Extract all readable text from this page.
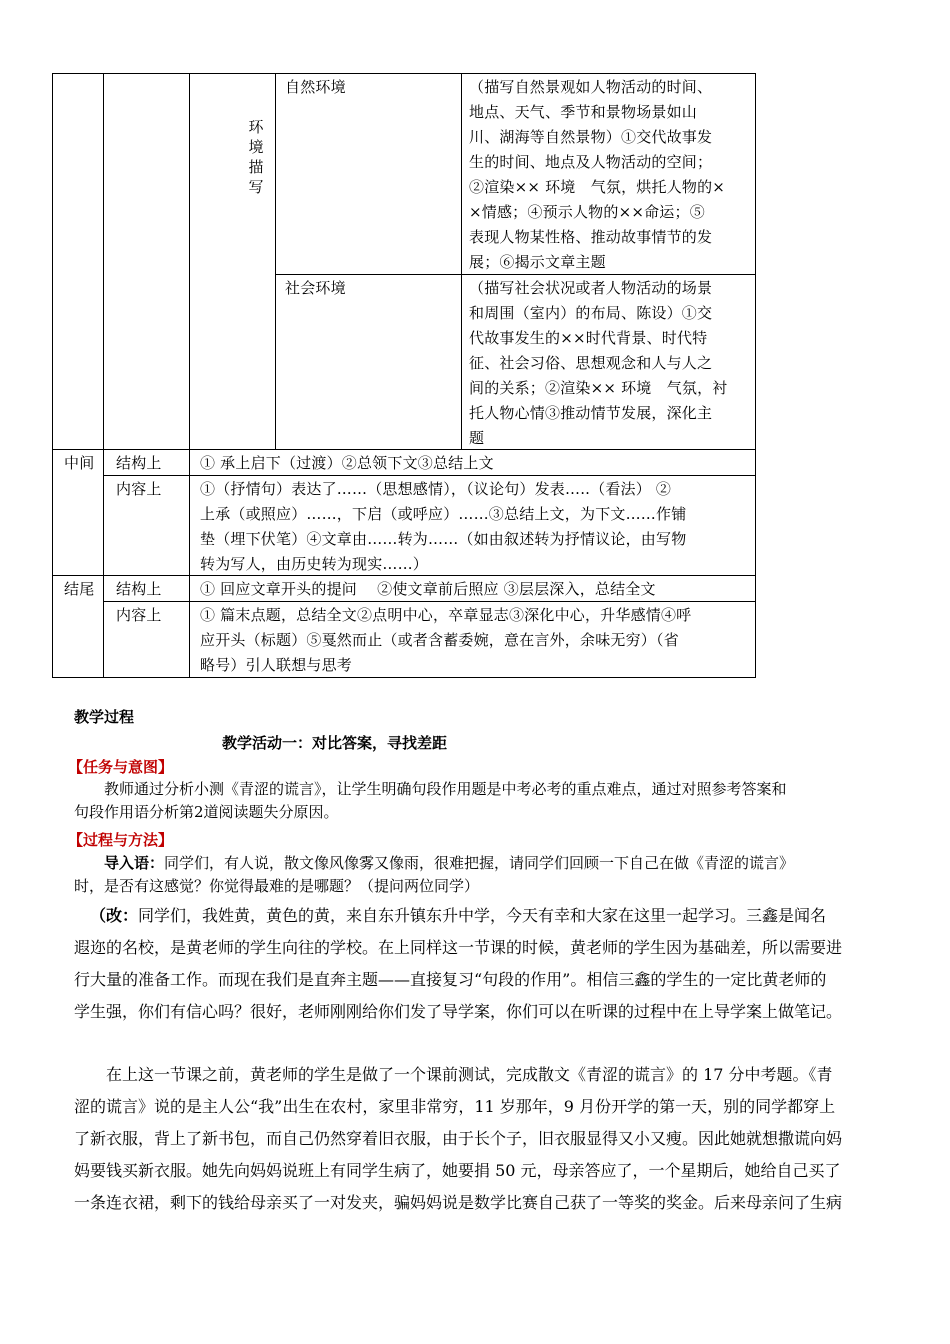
环
境
描
写
自然环境	（描写自然景观如人物活动的时间、
地点、天气、季节和景物场景如山
川、湖海等自然景物）①交代故事发
生的时间、地点及人物活动的空间；
②渲染×× 环境　气氛，烘托人物的×
×情感；④预示人物的××命运；⑤
表现人物某性格、推动故事情节的发
展；⑥揭示文章主题
社会环境	（描写社会状况或者人物活动的场景
和周围（室内）的布局、陈设）①交
代故事发生的××时代背景、时代特
征、社会习俗、思想观念和人与人之
间的关系；②渲染×× 环境　气氛，衬
托人物心情③推动情节发展，深化主
题
中间 结构上	① 承上启下（过渡）②总领下文③总结上文
内容上	①（抒情句）表达了……（思想感情），（议论句）发表…..（看法） ②
上承（或照应）……，下启（或呼应）……③总结上文，为下文……作铺
垫（埋下伏笔）④文章由……转为……（如由叙述转为抒情议论，由写物
转为写人，由历史转为现实……）
结尾 结构上	① 回应文章开头的提问　 ②使文章前后照应 ③层层深入，总结全文
内容上	① 篇末点题，总结全文②点明中心，卒章显志③深化中心，升华感情④呼
应开头（标题）⑤戛然而止（或者含蓄委婉，意在言外，余味无穷）（省
略号）引人联想与思考
教学过程
教学活动一：对比答案，寻找差距
【任务与意图】
教师通过分析小测《青涩的谎言》，让学生明确句段作用题是中考必考的重点难点，通过对照参考答案和
句段作用语分析第2道阅读题失分原因。
【过程与方法】
导入语：同学们，有人说，散文像风像雾又像雨，很难把握，请同学们回顾一下自己在做《青涩的谎言》
时，是否有这感觉？你觉得最难的是哪题？（提问两位同学）
（改：同学们，我姓黄，黄色的黄，来自东升镇东升中学，今天有幸和大家在这里一起学习。三鑫是闻名
遐迩的名校，是黄老师的学生向往的学校。在上同样这一节课的时候，黄老师的学生因为基础差，所以需要进
行大量的准备工作。而现在我们是直奔主题——直接复习“句段的作用”。相信三鑫的学生的一定比黄老师的
学生强，你们有信心吗？很好，老师刚刚给你们发了导学案，你们可以在听课的过程中在上导学案上做笔记。
在上这一节课之前，黄老师的学生是做了一个课前测试，完成散文《青涩的谎言》的 17 分中考题。《青
涩的谎言》说的是主人公“我”出生在农村，家里非常穷，11 岁那年，9 月份开学的第一天，别的同学都穿上
了新衣服，背上了新书包，而自己仍然穿着旧衣服，由于长个子，旧衣服显得又小又瘦。因此她就想撒谎向妈
妈要钱买新衣服。她先向妈妈说班上有同学生病了，她要捐 50 元，母亲答应了，一个星期后，她给自己买了
一条连衣裙，剩下的钱给母亲买了一对发夹，骗妈妈说是数学比赛自己获了一等奖的奖金。后来母亲问了生病
